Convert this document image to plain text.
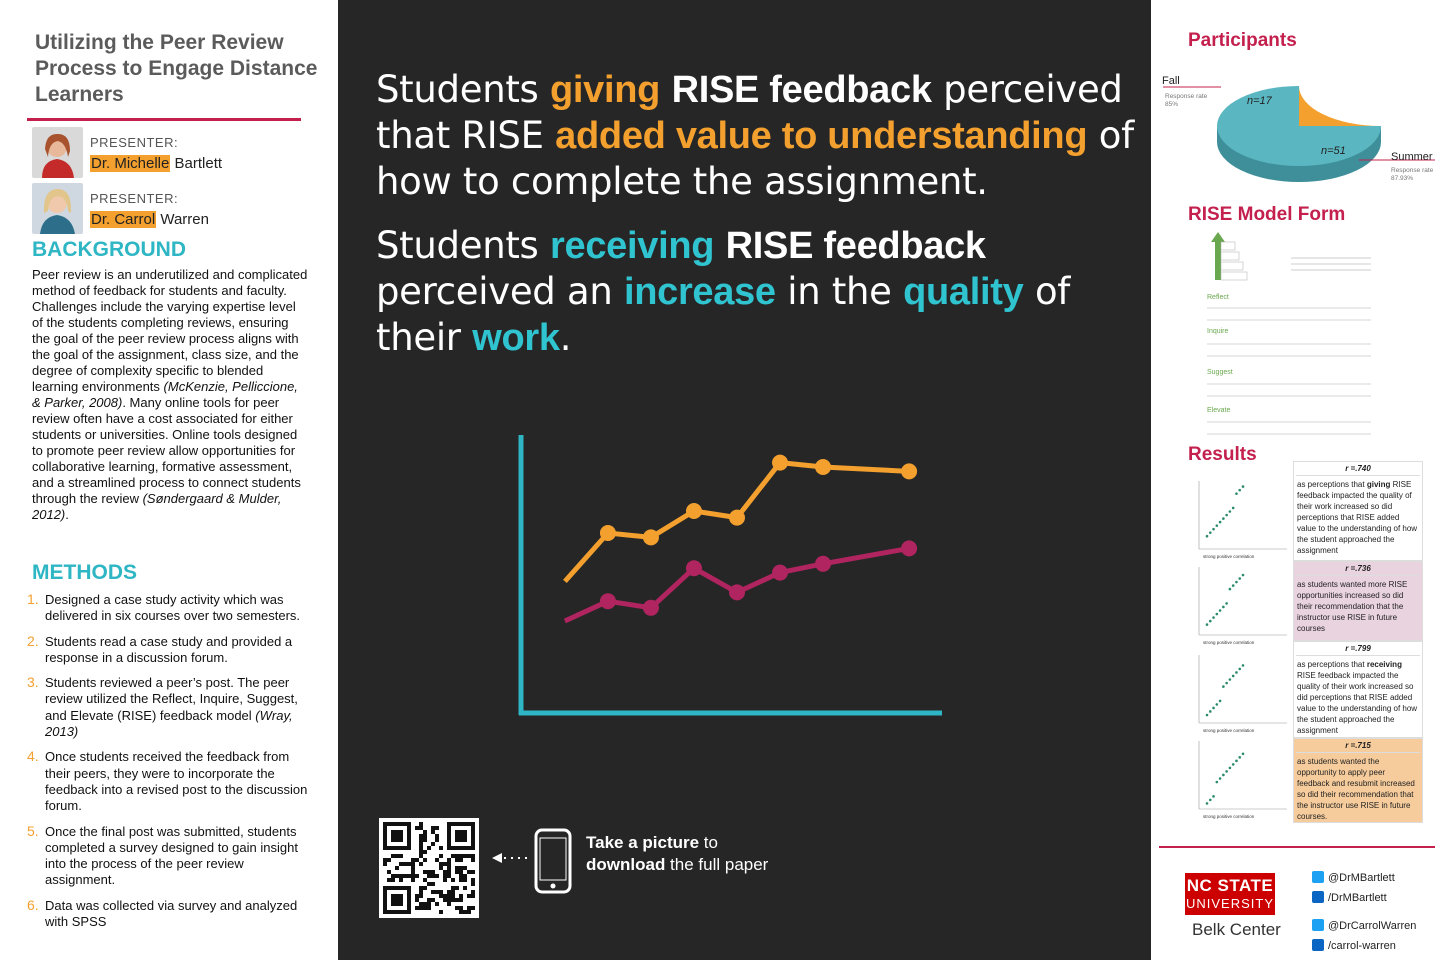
Utilizing the Peer Review Process to Engage Distance Learners
PRESENTER:
Dr. Michelle Bartlett
PRESENTER:
Dr. Carrol Warren
BACKGROUND
Peer review is an underutilized and complicated method of feedback for students and faculty. Challenges include the varying expertise level of the students completing reviews, ensuring the goal of the peer review process aligns with the goal of the assignment, class size, and the degree of complexity specific to blended learning environments (McKenzie, Pelliccione, & Parker, 2008). Many online tools for peer review often have a cost associated for either students or universities. Online tools designed to promote peer review allow opportunities for collaborative learning, formative assessment, and a streamlined process to connect students through the review (Søndergaard & Mulder, 2012).
METHODS
1. Designed a case study activity which was delivered in six courses over two semesters.
2. Students read a case study and provided a response in a discussion forum.
3. Students reviewed a peer’s post. The peer review utilized the Reflect, Inquire, Suggest, and Elevate (RISE) feedback model (Wray, 2013)
4. Once students received the feedback from their peers, they were to incorporate the feedback into a revised post to the discussion forum.
5. Once the final post was submitted, students completed a survey designed to gain insight into the process of the peer review assignment.
6. Data was collected via survey and analyzed with SPSS
Students giving RISE feedback perceived that RISE added value to understanding of how to complete the assignment.
Students receiving RISE feedback perceived an increase in the quality of their work.
Take a picture to
download the full paper
Participants
Fall
Response rate
85%	n=17
n=51	Summer
Response rate
87.93%
RISE Model Form
Reflect
Inquire
Suggest
Elevate
Results
strong positive correlation
strong positive correlation
strong positive correlation
strong positive correlation
r =.740
as perceptions that giving RISE feedback impacted the quality of their work increased so did perceptions that RISE added value to the understanding of how the student approached the assignment
r =.736
as students wanted more RISE opportunities increased so did their recommendation that the instructor use RISE in future courses
r =.799
as perceptions that receiving RISE feedback impacted the quality of their work increased so did perceptions that RISE added value to the understanding of how the student approached the assignment
r =.715
as students wanted the opportunity to apply peer feedback and resubmit increased so did their recommendation that the instructor use RISE in future courses.
NC STATE
UNIVERSITY
Belk Center
@DrMBartlett
/DrMBartlett
@DrCarrolWarren
/carrol-warren
